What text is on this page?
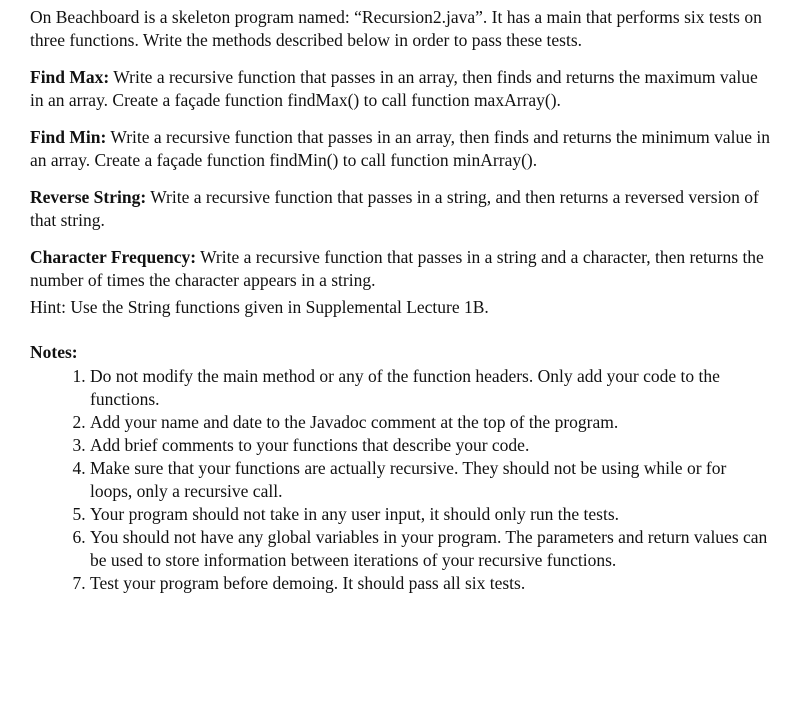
On Beachboard is a skeleton program named: “Recursion2.java”. It has a main that performs six tests on three functions. Write the methods described below in order to pass these tests.

Find Max: Write a recursive function that passes in an array, then finds and returns the maximum value in an array. Create a façade function findMax() to call function maxArray().

Find Min: Write a recursive function that passes in an array, then finds and returns the minimum value in an array. Create a façade function findMin() to call function minArray().

Reverse String: Write a recursive function that passes in a string, and then returns a reversed version of that string.

Character Frequency: Write a recursive function that passes in a string and a character, then returns the number of times the character appears in a string.

Hint: Use the String functions given in Supplemental Lecture 1B.

Notes:

1. Do not modify the main method or any of the function headers. Only add your code to the functions.
2. Add your name and date to the Javadoc comment at the top of the program.
3. Add brief comments to your functions that describe your code.
4. Make sure that your functions are actually recursive. They should not be using while or for loops, only a recursive call.
5. Your program should not take in any user input, it should only run the tests.
6. You should not have any global variables in your program. The parameters and return values can be used to store information between iterations of your recursive functions.
7. Test your program before demoing. It should pass all six tests.
